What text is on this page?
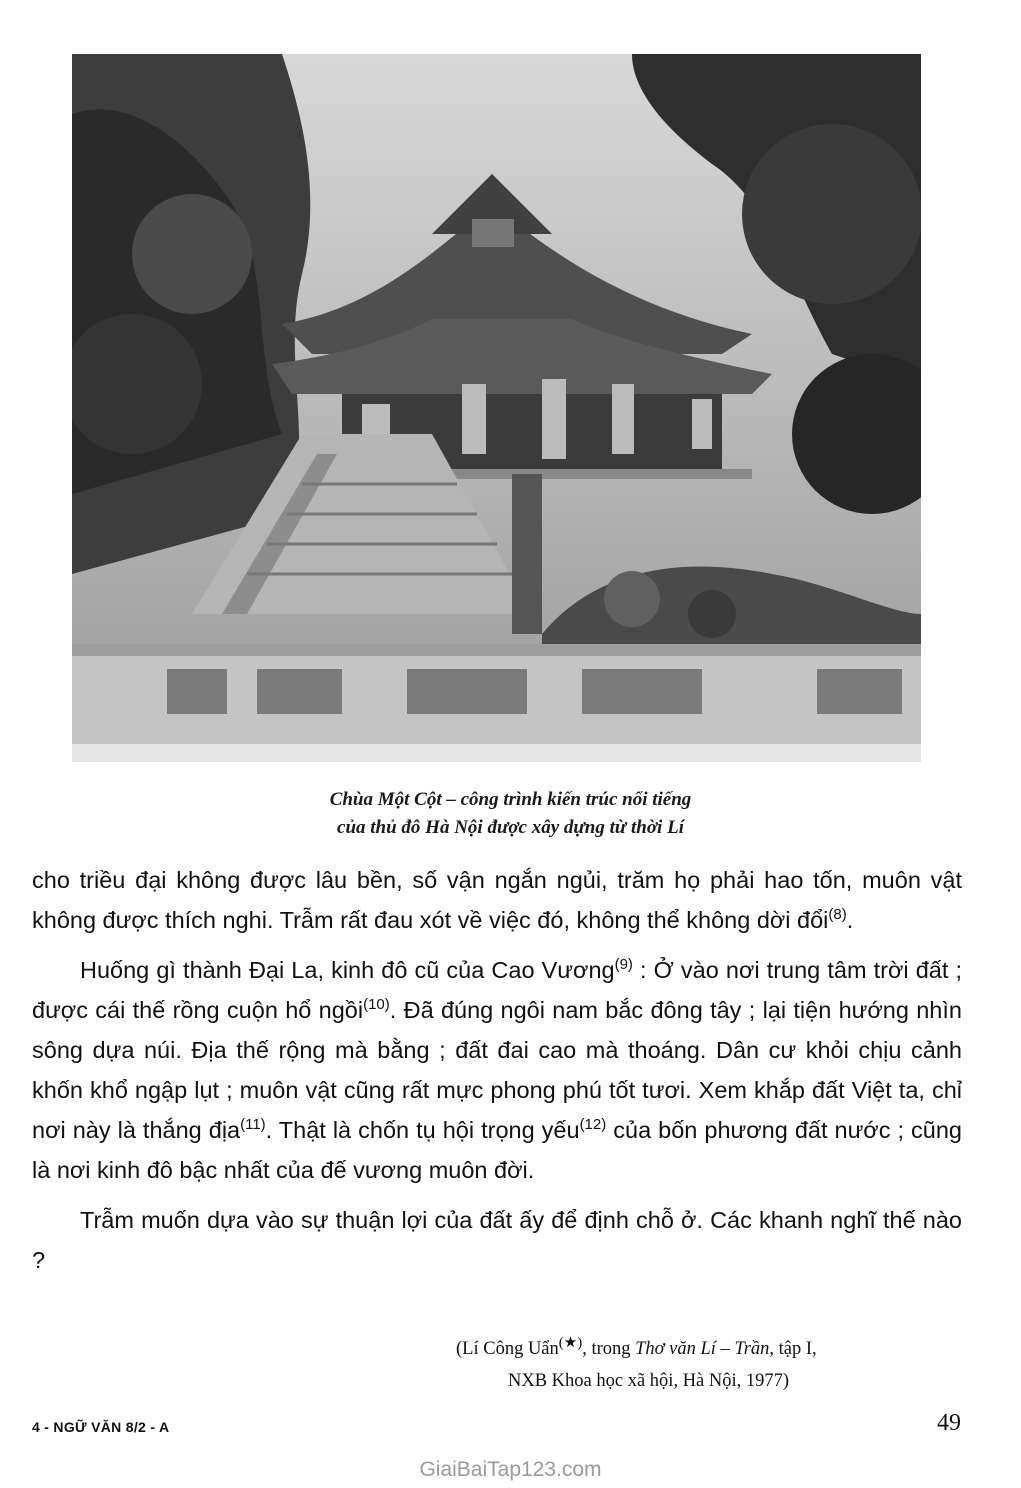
Chùa Một Cột – công trình kiến trúc nổi tiếng
của thủ đô Hà Nội được xây dựng từ thời Lí

cho triều đại không được lâu bền, số vận ngắn ngủi, trăm họ phải hao tốn, muôn vật không được thích nghi. Trẫm rất đau xót về việc đó, không thể không dời đổi$^{(8)}$.

Huống gì thành Đại La, kinh đô cũ của Cao Vương$^{(9)}$ : Ở vào nơi trung tâm trời đất ; được cái thế rồng cuộn hổ ngồi$^{(10)}$. Đã đúng ngôi nam bắc đông tây ; lại tiện hướng nhìn sông dựa núi. Địa thế rộng mà bằng ; đất đai cao mà thoáng. Dân cư khỏi chịu cảnh khốn khổ ngập lụt ; muôn vật cũng rất mực phong phú tốt tươi. Xem khắp đất Việt ta, chỉ nơi này là thắng địa$^{(11)}$. Thật là chốn tụ hội trọng yếu$^{(12)}$ của bốn phương đất nước ; cũng là nơi kinh đô bậc nhất của đế vương muôn đời.

Trẫm muốn dựa vào sự thuận lợi của đất ấy để định chỗ ở. Các khanh nghĩ thế nào ?

(Lí Công Uẩn(★), trong Thơ văn Lí – Trần, tập I,
NXB Khoa học xã hội, Hà Nội, 1977)
4 - NGỮ VĂN 8/2 - A	49
GiaiBaiTap123.com
